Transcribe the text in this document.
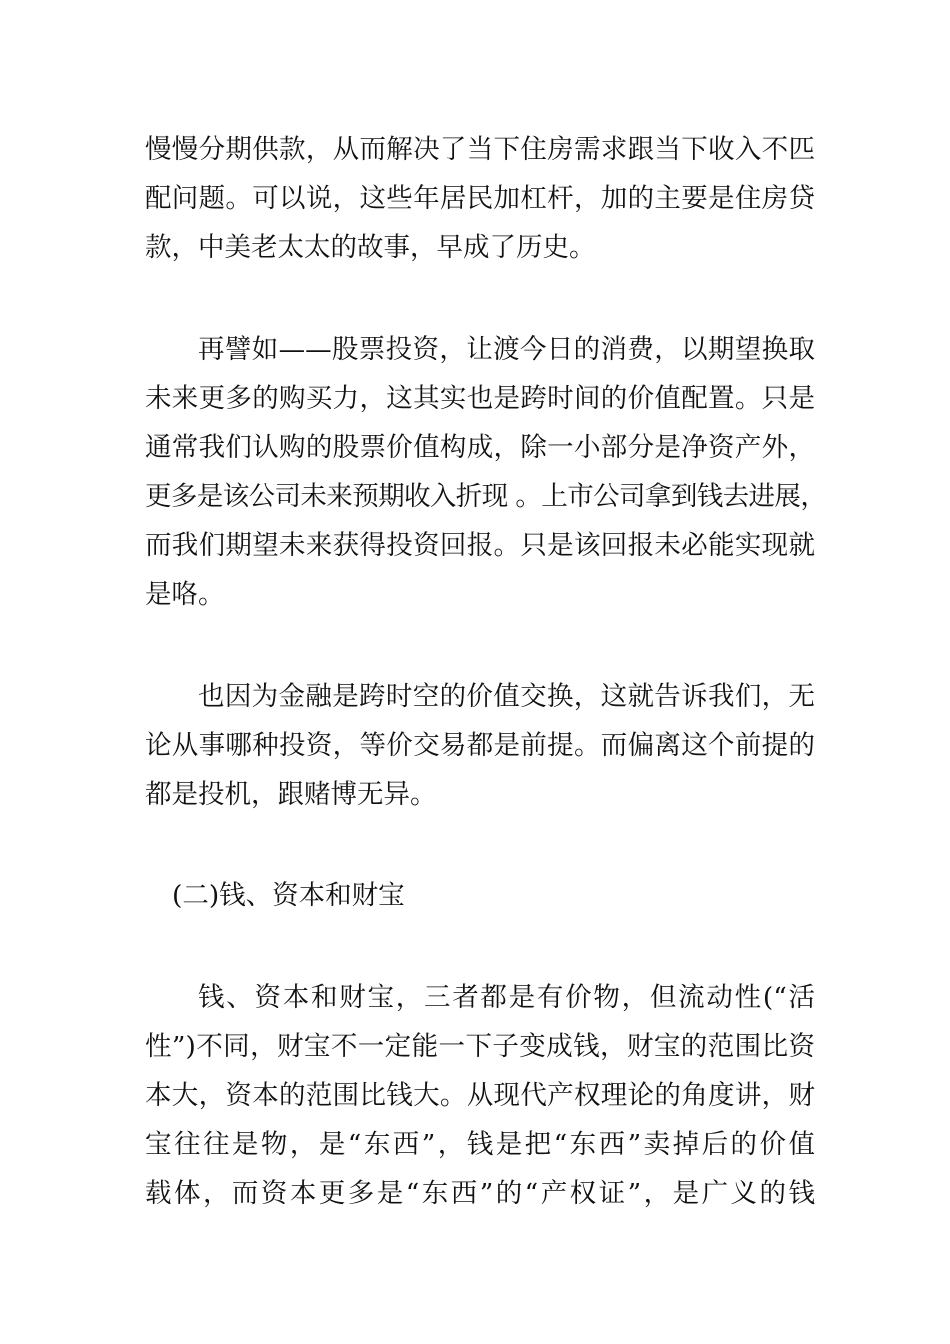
慢慢分期供款，从而解决了当下住房需求跟当下收入不匹
配问题。可以说，这些年居民加杠杆，加的主要是住房贷
款，中美老太太的故事，早成了历史。
再譬如——股票投资，让渡今日的消费，以期望换取
未来更多的购买力，这其实也是跨时间的价值配置。只是
通常我们认购的股票价值构成，除一小部分是净资产外，
更多是该公司未来预期收入折现 。上市公司拿到钱去进展，
而我们期望未来获得投资回报。只是该回报未必能实现就
是咯。
也因为金融是跨时空的价值交换，这就告诉我们，无
论从事哪种投资，等价交易都是前提。而偏离这个前提的
都是投机，跟赌博无异。
(二)钱、资本和财宝
钱、资本和财宝，三者都是有价物，但流动性(“活
性”)不同，财宝不一定能一下子变成钱，财宝的范围比资
本大，资本的范围比钱大。从现代产权理论的角度讲，财
宝往往是物，是“东西”，钱是把“东西”卖掉后的价值
载体，而资本更多是“东西”的“产权证”，是广义的钱
